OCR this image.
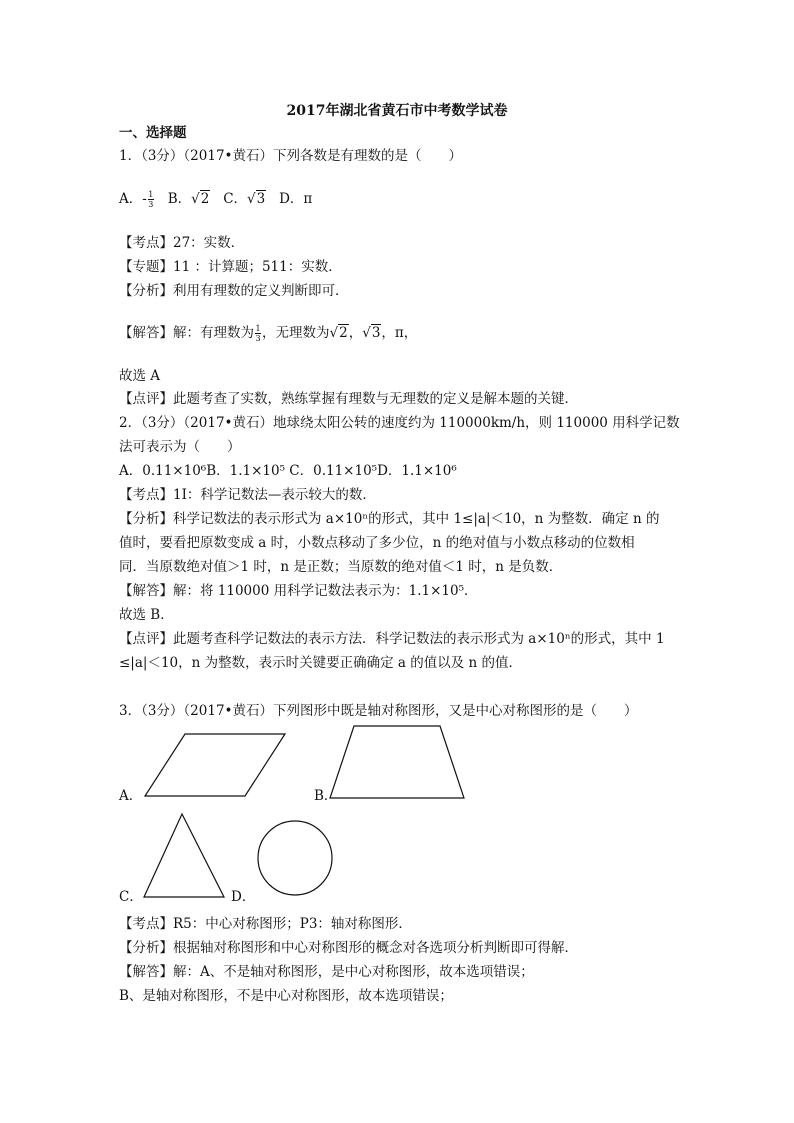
2017年湖北省黄石市中考数学试卷
一、选择题
1．（3分）（2017•黄石）下列各数是有理数的是（　　）
A．- $\frac{1}{3}$ B．√2 C．√3 D．π
【考点】27：实数．
【专题】11 ：计算题；511：实数．
【分析】利用有理数的定义判断即可．
【解答】解：有理数为 $\frac{1}{3}$ ，无理数为√2，√3，π，
故选 A
【点评】此题考查了实数，熟练掌握有理数与无理数的定义是解本题的关键．
2．（3分）（2017•黄石）地球绕太阳公转的速度约为 110000km/h，则 110000 用科学记数
法可表示为（　　）
A．0.11×10⁶B．1.1×10⁵ C．0.11×10⁵D．1.1×10⁶
【考点】1I：科学记数法—表示较大的数．
【分析】科学记数法的表示形式为 a×10ⁿ的形式，其中 1≤|a|＜10，n 为整数．确定 n 的
值时，要看把原数变成 a 时，小数点移动了多少位，n 的绝对值与小数点移动的位数相
同．当原数绝对值＞1 时，n 是正数；当原数的绝对值＜1 时，n 是负数．
【解答】解：将 110000 用科学记数法表示为：1.1×10⁵．
故选 B．
【点评】此题考查科学记数法的表示方法．科学记数法的表示形式为 a×10ⁿ的形式，其中 1
≤|a|＜10，n 为整数，表示时关键要正确确定 a 的值以及 n 的值．
3．（3分）（2017•黄石）下列图形中既是轴对称图形，又是中心对称图形的是（　　）
A．	B．
C．	D．
【考点】R5：中心对称图形；P3：轴对称图形．
【分析】根据轴对称图形和中心对称图形的概念对各选项分析判断即可得解．
【解答】解：A、不是轴对称图形，是中心对称图形，故本选项错误；
B、是轴对称图形，不是中心对称图形，故本选项错误；
